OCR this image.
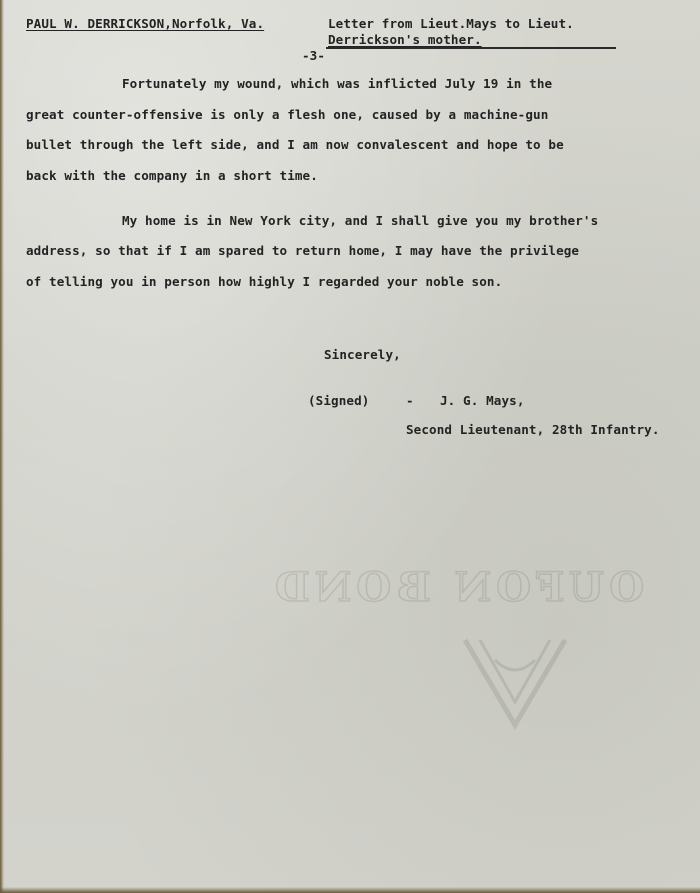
OUFON BOND
PAUL W. DERRICKSON,Norfolk, Va.	Letter from Lieut.Mays to Lieut.
Derrickson's mother.
-3-
Fortunately my wound, which was inflicted July 19 in the
great counter-offensive is only a flesh one, caused by a machine-gun
bullet through the left side, and I am now convalescent and hope to be
back with the company in a short time.
My home is in New York city, and I shall give you my brother's
address, so that if I am spared to return home, I may have the privilege
of telling you in person how highly I regarded your noble son.
Sincerely,
(Signed)	- J. G. Mays,
Second Lieutenant, 28th Infantry.
